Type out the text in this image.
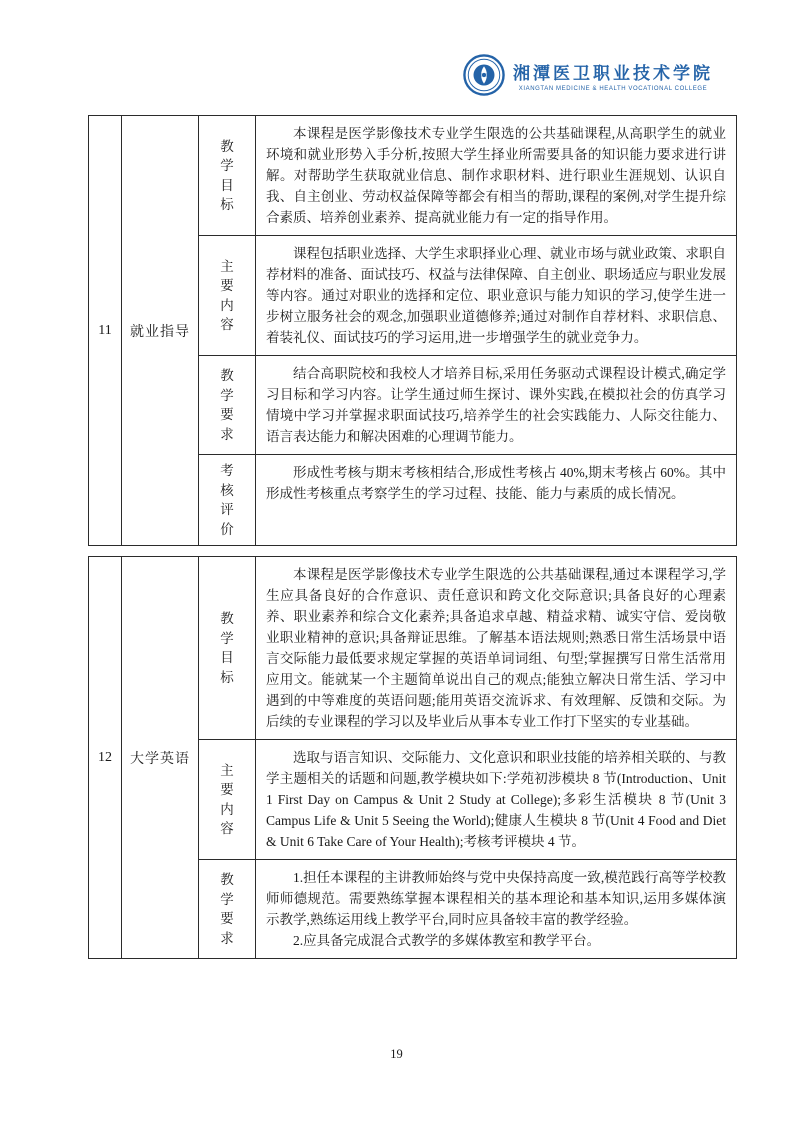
湘潭医卫职业技术学院
XIANGTAN MEDICINE & HEALTH VOCATIONAL COLLEGE
11	就业指导
教
学
目
标

本课程是医学影像技术专业学生限选的公共基础课程,从高职学生的就业环境和就业形势入手分析,按照大学生择业所需要具备的知识能力要求进行讲解。对帮助学生获取就业信息、制作求职材料、进行职业生涯规划、认识自我、自主创业、劳动权益保障等都会有相当的帮助,课程的案例,对学生提升综合素质、培养创业素养、提高就业能力有一定的指导作用。

主
要
内
容

课程包括职业选择、大学生求职择业心理、就业市场与就业政策、求职自荐材料的准备、面试技巧、权益与法律保障、自主创业、职场适应与职业发展等内容。通过对职业的选择和定位、职业意识与能力知识的学习,使学生进一步树立服务社会的观念,加强职业道德修养;通过对制作自荐材料、求职信息、着装礼仪、面试技巧的学习运用,进一步增强学生的就业竞争力。

教
学
要
求

结合高职院校和我校人才培养目标,采用任务驱动式课程设计模式,确定学习目标和学习内容。让学生通过师生探讨、课外实践,在模拟社会的仿真学习情境中学习并掌握求职面试技巧,培养学生的社会实践能力、人际交往能力、语言表达能力和解决困难的心理调节能力。

考
核
评
价

形成性考核与期末考核相结合,形成性考核占 40%,期末考核占 60%。其中形成性考核重点考察学生的学习过程、技能、能力与素质的成长情况。

12	大学英语
教
学
目
标

本课程是医学影像技术专业学生限选的公共基础课程,通过本课程学习,学生应具备良好的合作意识、责任意识和跨文化交际意识;具备良好的心理素养、职业素养和综合文化素养;具备追求卓越、精益求精、诚实守信、爱岗敬业职业精神的意识;具备辩证思维。了解基本语法规则;熟悉日常生活场景中语言交际能力最低要求规定掌握的英语单词词组、句型;掌握撰写日常生活常用应用文。能就某一个主题简单说出自己的观点;能独立解决日常生活、学习中遇到的中等难度的英语问题;能用英语交流诉求、有效理解、反馈和交际。为后续的专业课程的学习以及毕业后从事本专业工作打下坚实的专业基础。

主
要
内
容

选取与语言知识、交际能力、文化意识和职业技能的培养相关联的、与教学主题相关的话题和问题,教学模块如下:学苑初涉模块 8 节(Introduction、Unit 1 First Day on Campus & Unit 2 Study at College);多彩生活模块 8 节(Unit 3 Campus Life & Unit 5 Seeing the World);健康人生模块 8 节(Unit 4 Food and Diet & Unit 6 Take Care of Your Health);考核考评模块 4 节。

教
学
要
求

1.担任本课程的主讲教师始终与党中央保持高度一致,模范践行高等学校教师师德规范。需要熟练掌握本课程相关的基本理论和基本知识,运用多媒体演示教学,熟练运用线上教学平台,同时应具备较丰富的教学经验。

2.应具备完成混合式教学的多媒体教室和教学平台。

19
